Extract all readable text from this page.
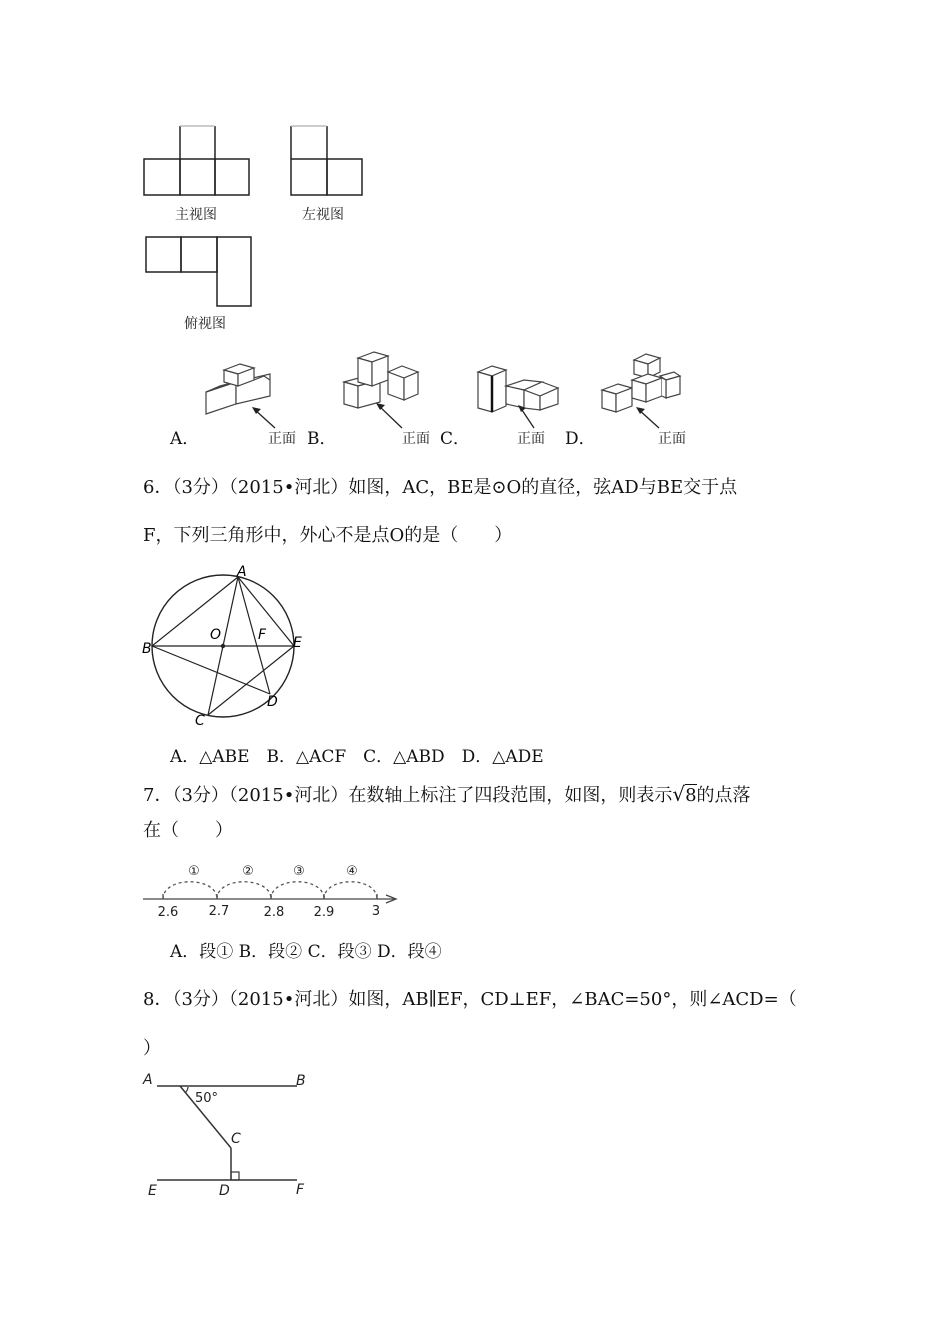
主视图	左视图
俯视图
A．	正面 B．	正面 C．	正面 D．	正面
6．（3分）（2015•河北）如图，AC，BE是⊙O的直径，弦AD与BE交于点
F，下列三角形中，外心不是点O的是（　　）
A
B
C
D
E
F
O
A．△ABE　B．△ACF　C．△ABD　D．△ADE
7．（3分）（2015•河北）在数轴上标注了四段范围，如图，则表示√8的点落
在（　　）
①	②	③	④
2.6 2.7	2.8 2.9	3
A．段① B．段② C．段③ D．段④
8．（3分）（2015•河北）如图，AB∥EF，CD⊥EF，∠BAC=50°，则∠ACD=（
）
A	B
C
D
E	F
50°
